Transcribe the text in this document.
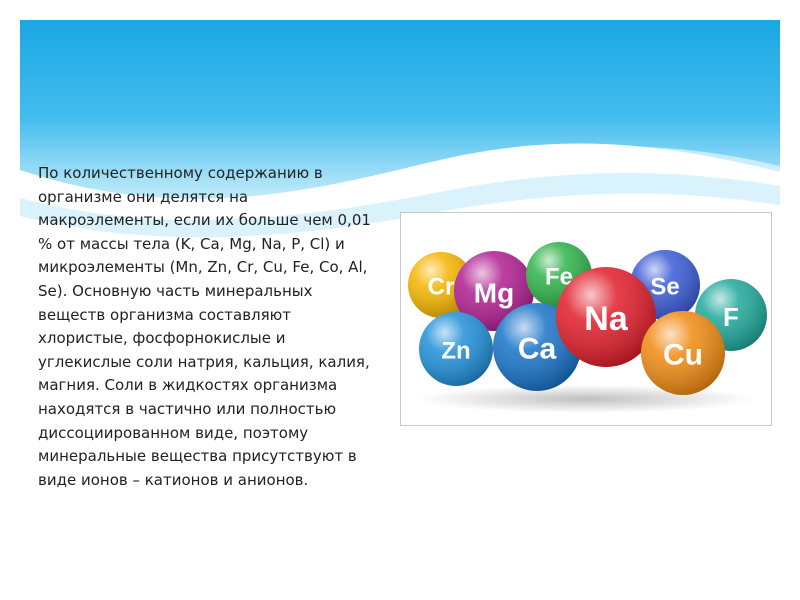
По количественному содержанию в организме они делятся на макроэлементы, если их больше чем 0,01 % от массы тела (K, Ca, Mg, Na, P, Cl) и микроэлементы (Mn, Zn, Cr, Cu, Fe, Co, Al, Se). Основную часть минеральных веществ организма составляют хлористые, фосфорнокислые и углекислые соли натрия, кальция, калия, магния. Соли в жидкостях организма находятся в частично или полностью диссоциированном виде, поэтому минеральные вещества присутствуют в виде ионов – катионов и анионов.

Cr Mg
Fe	Se
F
Zn Ca
Na
Cu
